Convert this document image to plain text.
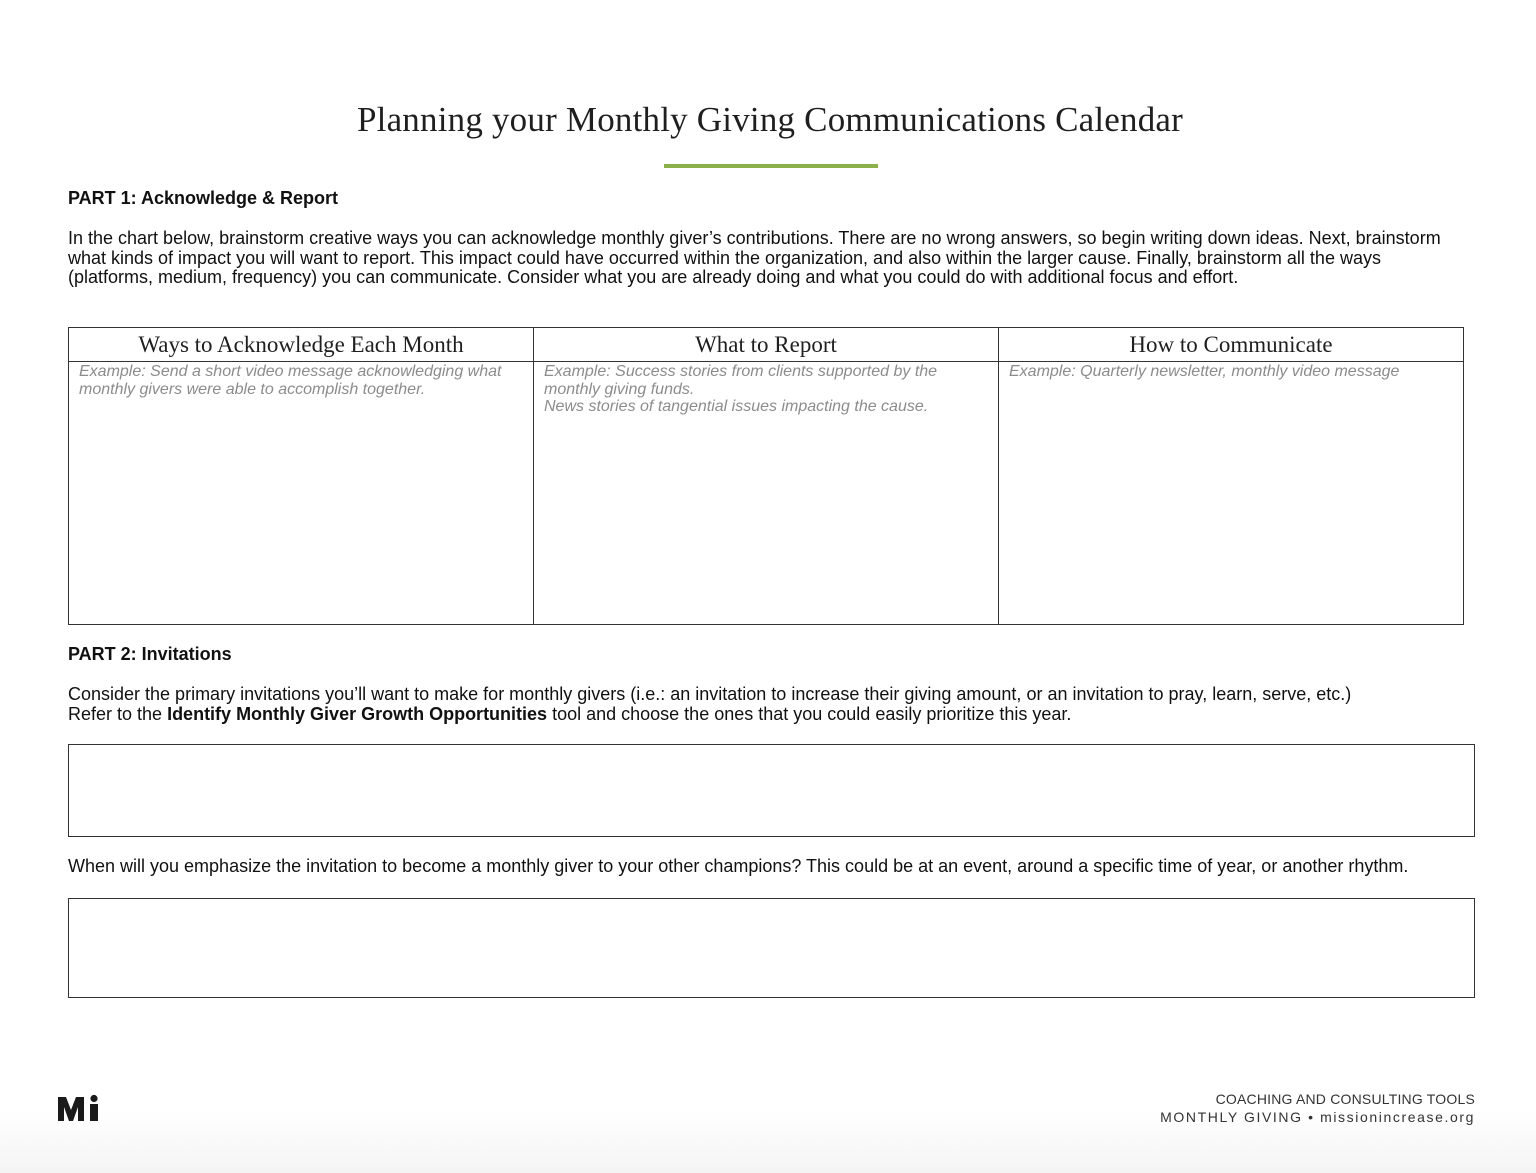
Planning your Monthly Giving Communications Calendar
PART 1: Acknowledge & Report
In the chart below, brainstorm creative ways you can acknowledge monthly giver’s contributions. There are no wrong answers, so begin writing down ideas. Next, brainstorm what kinds of impact you will want to report. This impact could have occurred within the organization, and also within the larger cause. Finally, brainstorm all the ways (platforms, medium, frequency) you can communicate. Consider what you are already doing and what you could do with additional focus and effort.
Ways to Acknowledge Each Month
Example: Send a short video message acknowledging what monthly givers were able to accomplish together.
What to Report
Example: Success stories from clients supported by the monthly giving funds.
News stories of tangential issues impacting the cause.
How to Communicate
Example: Quarterly newsletter, monthly video message
PART 2: Invitations
Consider the primary invitations you’ll want to make for monthly givers (i.e.: an invitation to increase their giving amount, or an invitation to pray, learn, serve, etc.)
Refer to the Identify Monthly Giver Growth Opportunities tool and choose the ones that you could easily prioritize this year.
When will you emphasize the invitation to become a monthly giver to your other champions? This could be at an event, around a specific time of year, or another rhythm.
COACHING AND CONSULTING TOOLS
MONTHLY GIVING • missionincrease.org
